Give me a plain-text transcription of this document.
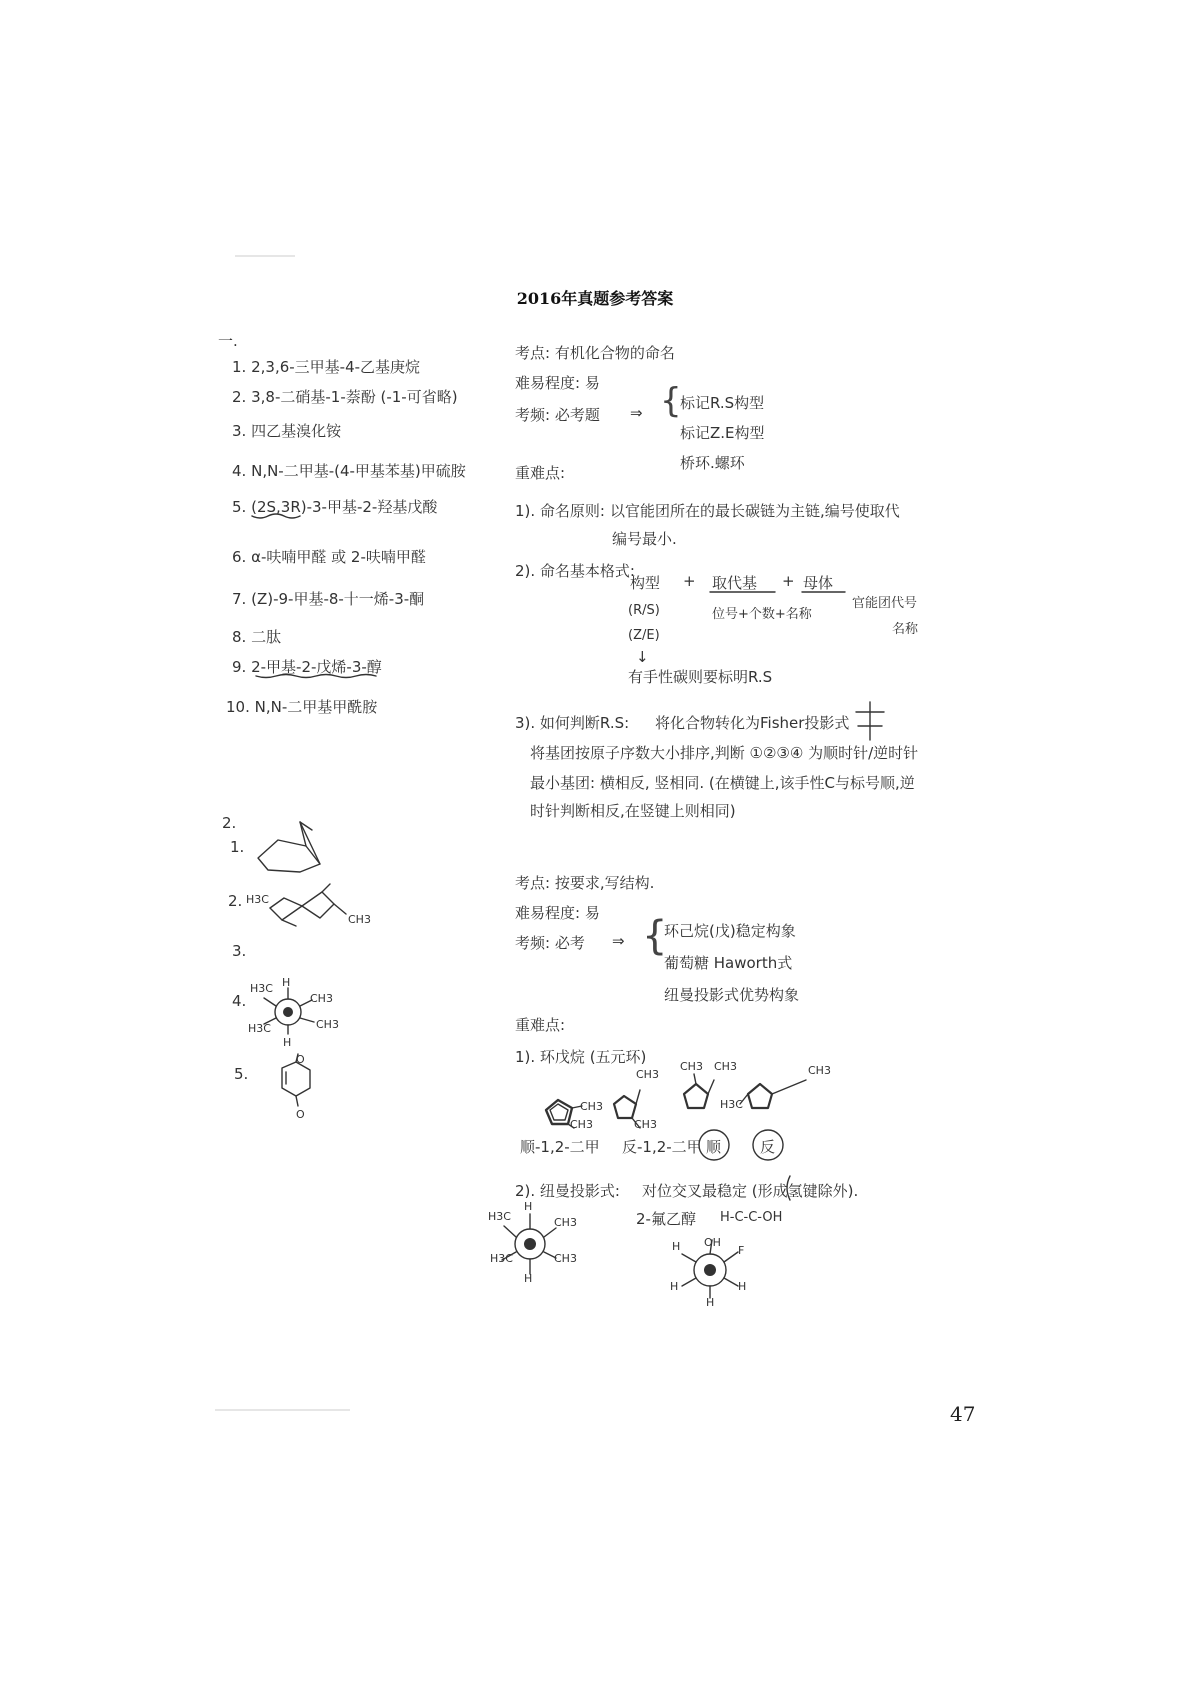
2016年真题参考答案
一.
1. 2,3,6-三甲基-4-乙基庚烷
2. 3,8-二硝基-1-萘酚 (-1-可省略)
3. 四乙基溴化铵
4. N,N-二甲基-(4-甲基苯基)甲硫胺
5. (2S,3R)-3-甲基-2-羟基戊酸
6. α-呋喃甲醛 或 2-呋喃甲醛
7. (Z)-9-甲基-8-十一烯-3-酮
8. 二肽
9. 2-甲基-2-戊烯-3-醇
10. N,N-二甲基甲酰胺
考点: 有机化合物的命名
难易程度: 易
考频: 必考题 ⇒ {
标记R.S构型
标记Z.E构型
桥环.螺环
重难点:
1). 命名原则: 以官能团所在的最长碳链为主链,编号使取代
编号最小.
2). 命名基本格式:
构型 + 取代基 + 母体
官能团代号
名称
(R/S)
(Z/E)
位号+个数+名称
↓
有手性碳则要标明R.S
3). 如何判断R.S: 将化合物转化为Fisher投影式
将基团按原子序数大小排序,判断 ①②③④ 为顺时针/逆时针
最小基团: 横相反, 竖相同. (在横键上,该手性C与标号顺,逆
时针判断相反,在竖键上则相同)
2.
1.
2. H3C
CH3
3.
4.
H3C H
CH3
H3C	CH3
H
5.
O
O
考点: 按要求,写结构.
难易程度: 易
考频: 必考 ⇒ {
环己烷(戊)稳定构象
葡萄糖 Haworth式
纽曼投影式优势构象
重难点:
1). 环戊烷 (五元环)
CH3
CH3
CH3
CH3
CH3
H3C
CH3	CH3
顺-1,2-二甲 反-1,2-二甲 顺	反
2). 纽曼投影式: 对位交叉最稳定 (形成氢键除外).
2-氟乙醇 H-C-C-OH
H3C
H
CH3
H3C	CH3
H
H OH
F
H	H
H
47
